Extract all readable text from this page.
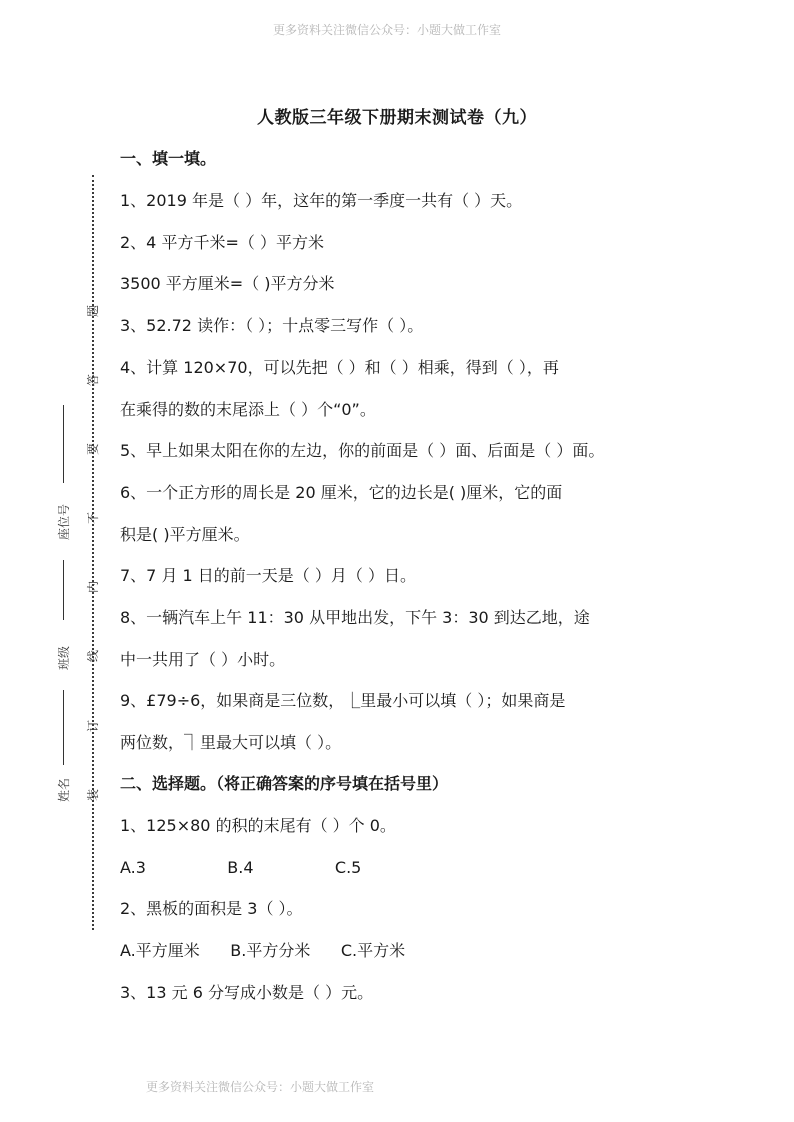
更多资料关注微信公众号：小题大做工作室
人教版三年级下册期末测试卷（九）
题
答
要
不
内
线
订
装
座位号
班级
姓名
一、填一填。
1、2019 年是（ ）年，这年的第一季度一共有（ ）天。
2、4 平方千米=（ ）平方米
3500 平方厘米=（ )平方分米
3、52.72 读作：（ ）；十点零三写作（ ）。
4、计算 120×70，可以先把（ ）和（ ）相乘，得到（ ），再
在乘得的数的末尾添上（ ）个“0”。
5、早上如果太阳在你的左边，你的前面是（ ）面、后面是（ ）面。
6、一个正方形的周长是 20 厘米，它的边长是( )厘米，它的面
积是( )平方厘米。
7、7 月 1 日的前一天是（ ）月（ ）日。
8、一辆汽车上午 11：30 从甲地出发，下午 3：30 到达乙地，途
中一共用了（ ）小时。
9、£79÷6，如果商是三位数，⎿里最小可以填（ ）；如果商是
两位数，⏋里最大可以填（ ）。
二、选择题。（将正确答案的序号填在括号里）
1、125×80 的积的末尾有（ ）个 0。
A.3                B.4                C.5
2、黑板的面积是 3（ ）。
A.平方厘米      B.平方分米      C.平方米
3、13 元 6 分写成小数是（ ）元。
更多资料关注微信公众号：小题大做工作室
